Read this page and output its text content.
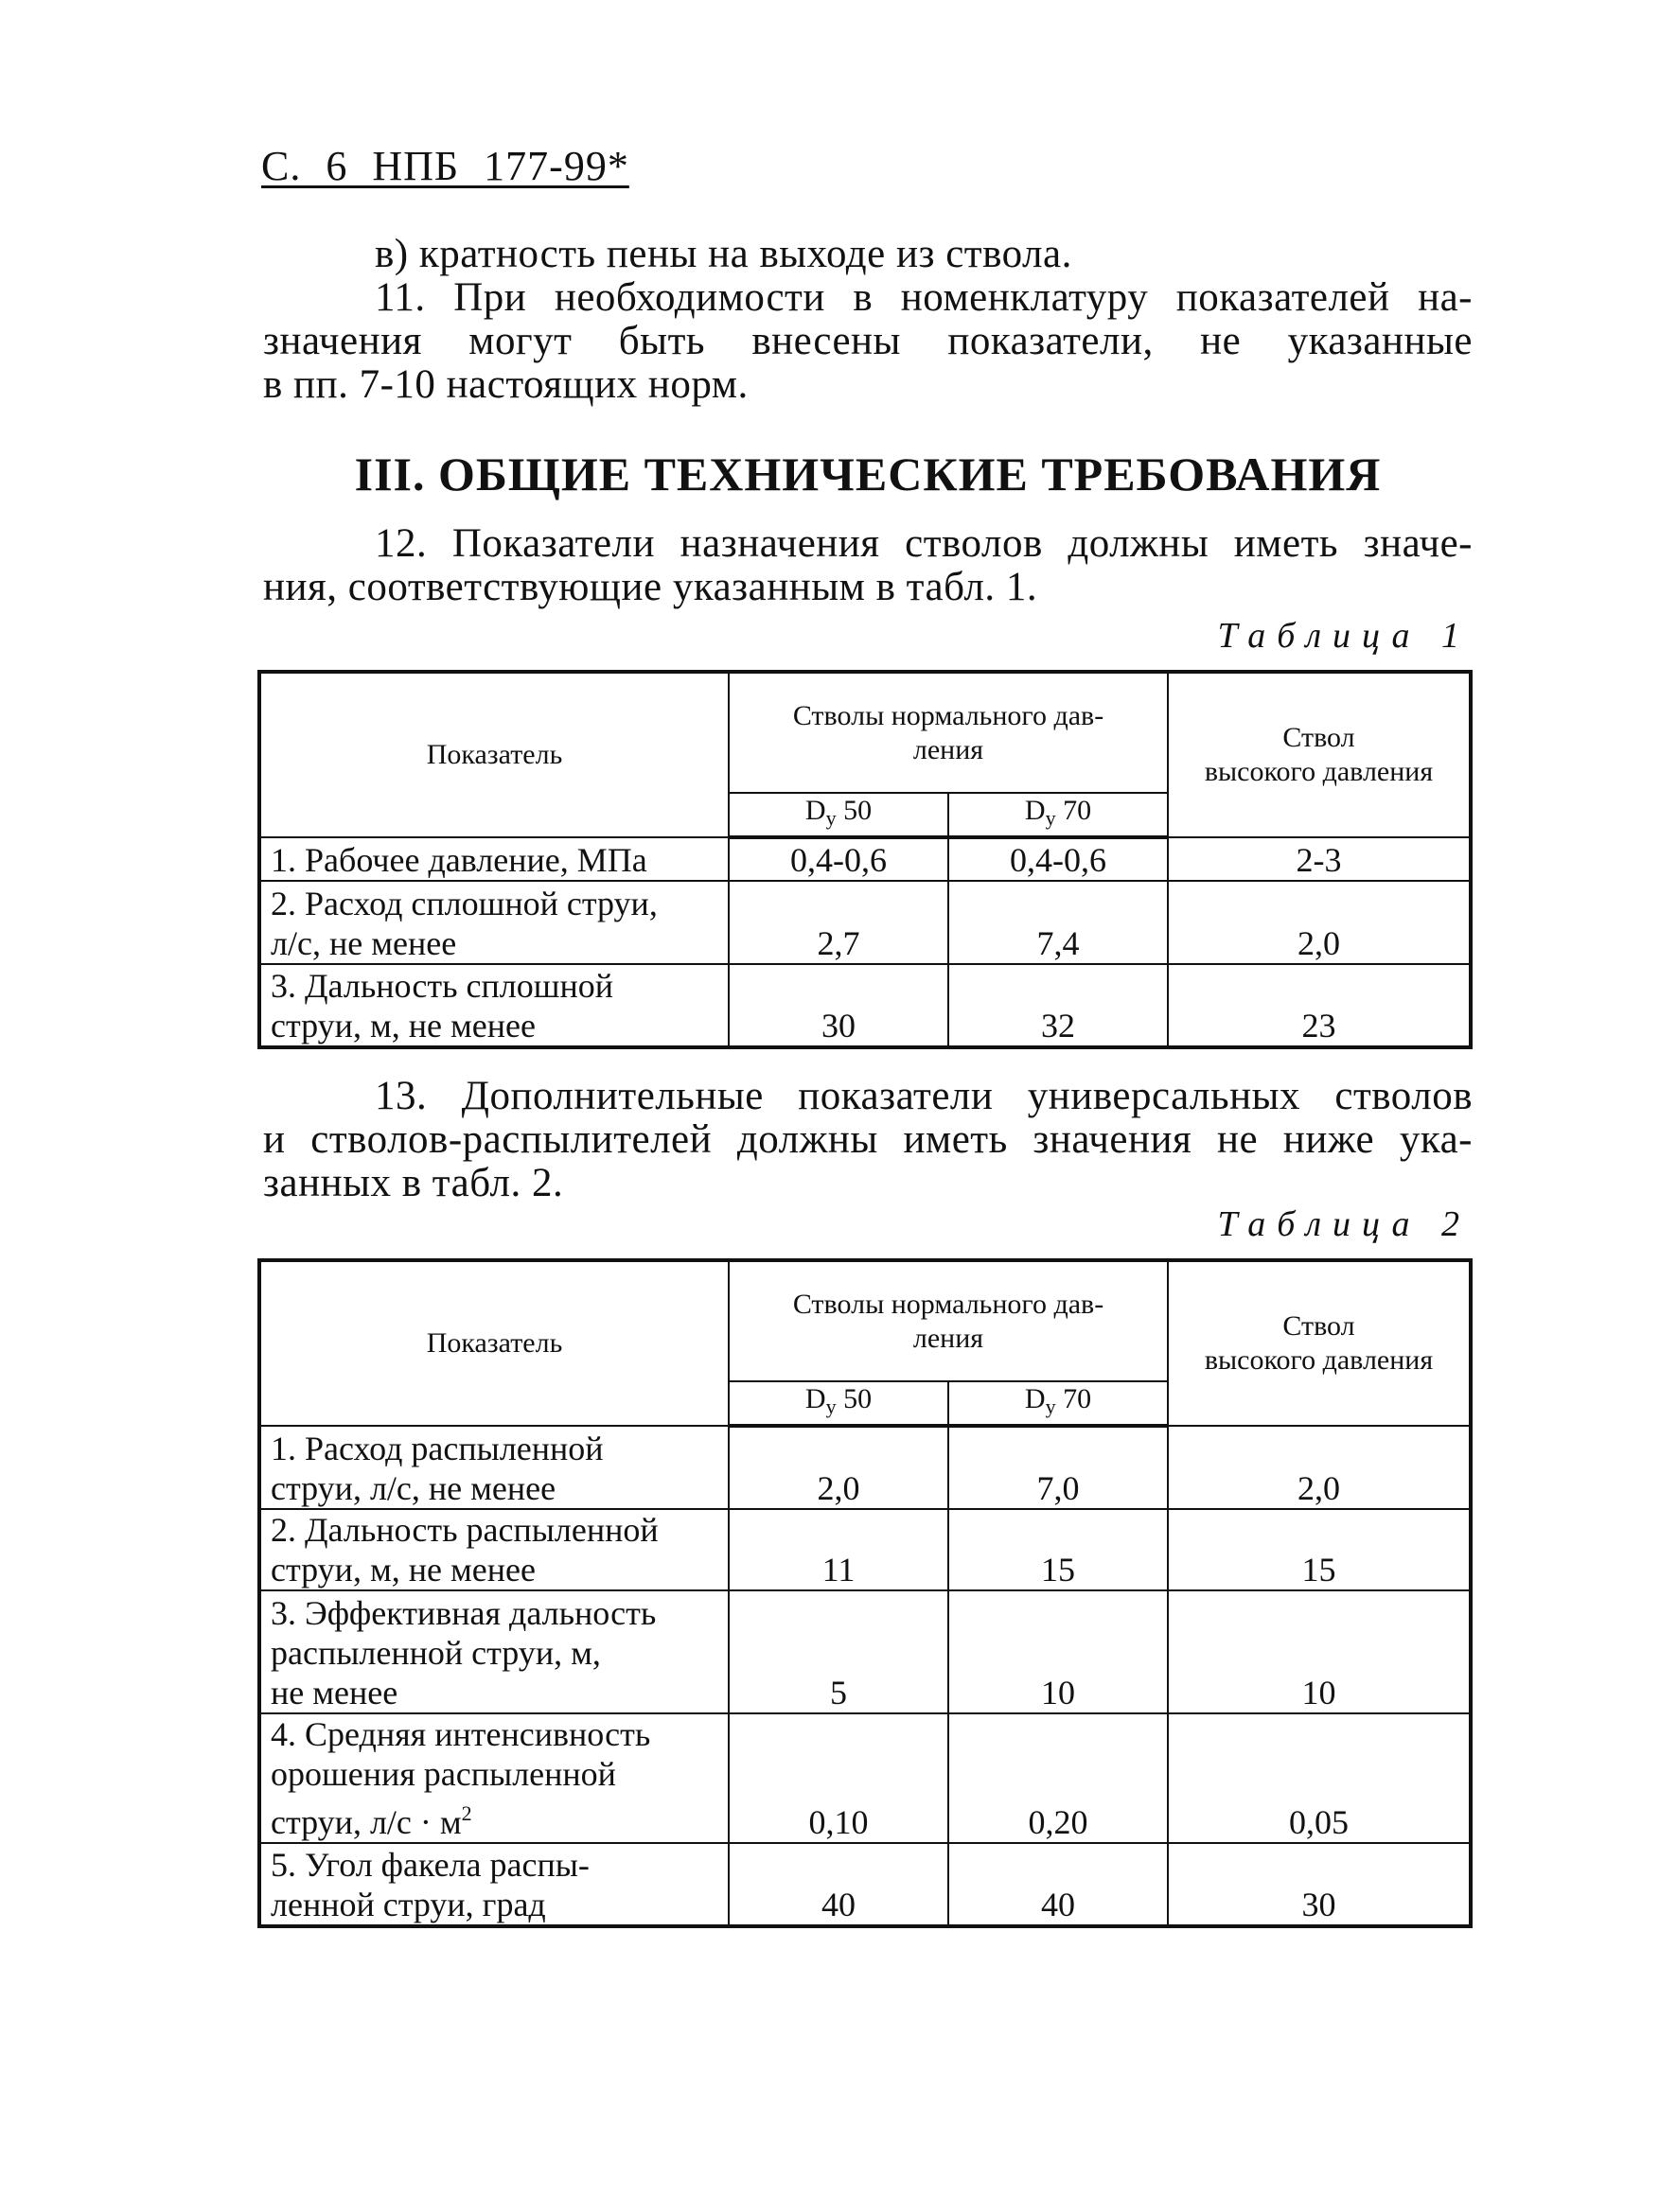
С. 6 НПБ 177-99*
в) кратность пены на выходе из ствола.
11. При необходимости в номенклатуру показателей на-
значения могут быть внесены показатели, не указанные
в пп. 7-10 настоящих норм.
III. ОБЩИЕ ТЕХНИЧЕСКИЕ ТРЕБОВАНИЯ
12. Показатели назначения стволов должны иметь значе-
ния, соответствующие указанным в табл. 1.
Таблица 1
Показатель	Стволы нормального дав-
ления		Ствол
высокого давления

	$D_у$ 50	$D_у$ 70	
1. Рабочее давление, МПа	0,4-0,6	0,4-0,6	2-3

2. Расход сплошной струи,
л/с, не менее	2,7	7,4	2,0

3. Дальность сплошной
струи, м, не менее	30	32	23
13. Дополнительные показатели универсальных стволов
и стволов-распылителей должны иметь значения не ниже ука-
занных в табл. 2.
Таблица 2
Показатель	Стволы нормального дав-
ления		Ствол
высокого давления

	$D_у$ 50	$D_у$ 70	

1. Расход распыленной
струи, л/с, не менее	2,0	7,0	2,0

2. Дальность распыленной
струи, м, не менее	11	15	15

3. Эффективная дальность
распыленной струи, м,
не менее	5	10	10

4. Средняя интенсивность
орошения распыленной
струи, $л/с \cdot м^2$	0,10	0,20	0,05

5. Угол факела распы-
ленной струи, град	40	40	30
